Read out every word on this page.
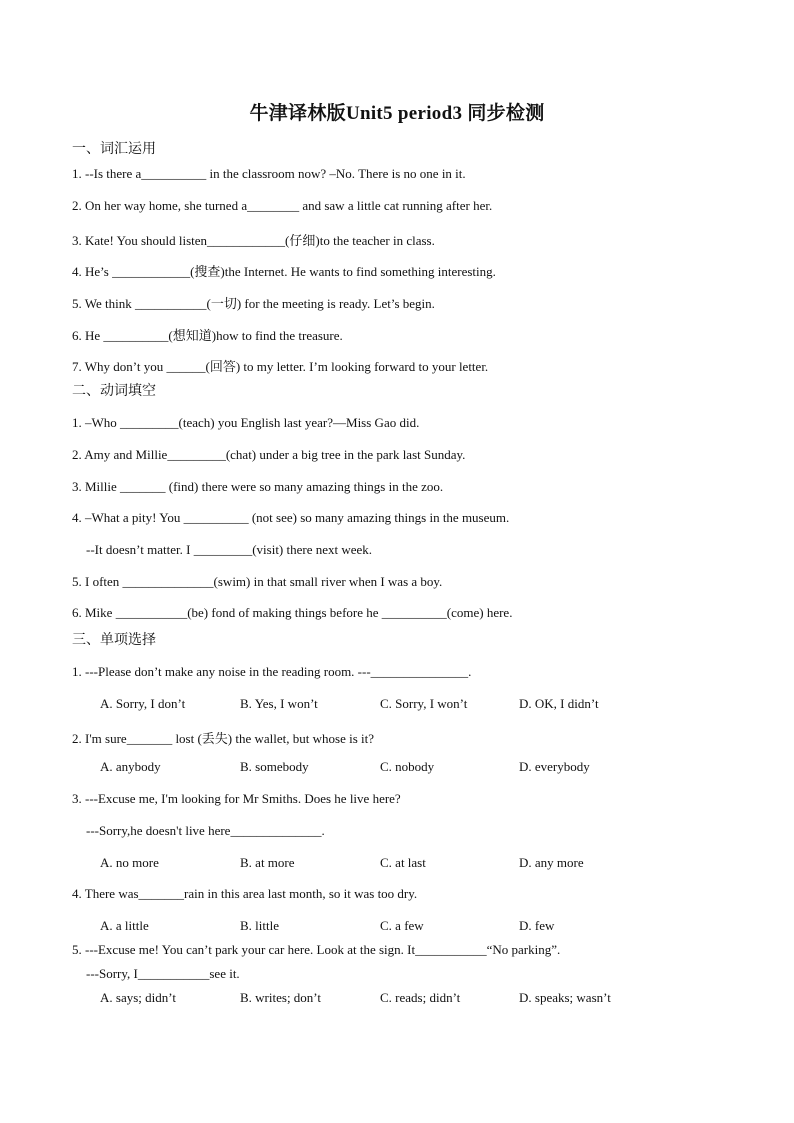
牛津译林版Unit5 period3 同步检测
一、词汇运用
1. --Is there a__________ in the classroom now? –No. There is no one in it.
2. On her way home, she turned a________ and saw a little cat running after her.
3. Kate! You should listen____________(仔细)to the teacher in class.
4. He’s ____________(搜查)the Internet. He wants to find something interesting.
5. We think ___________(一切) for the meeting is ready. Let’s begin.
6. He __________(想知道)how to find the treasure.
7. Why don’t you ______(回答) to my letter. I’m looking forward to your letter.
二、动词填空
1. –Who _________(teach) you English last year?—Miss Gao did.
2. Amy and Millie_________(chat) under a big tree in the park last Sunday.
3. Millie _______ (find) there were so many amazing things in the zoo.
4. –What a pity! You __________ (not see) so many amazing things in the museum.
--It doesn’t matter. I _________(visit) there next week.
5. I often ______________(swim) in that small river when I was a boy.
6. Mike ___________(be) fond of making things before he __________(come) here.
三、单项选择
1. ---Please don’t make any noise in the reading room. ---_______________.
A. Sorry, I don’t	B. Yes, I won’t	C. Sorry, I won’t	D. OK, I didn’t
2. I'm sure_______ lost (丢失) the wallet, but whose is it?
A. anybody	B. somebody	C. nobody	D. everybody
3. ---Excuse me, I'm looking for Mr Smiths. Does he live here?
---Sorry,he doesn't live here______________.
A. no more	B. at more	C. at last	D. any more
4. There was_______rain in this area last month, so it was too dry.
A. a little	B. little	C. a few	D. few
5. ---Excuse me! You can’t park your car here. Look at the sign. It___________“No parking”.
---Sorry, I___________see it.
A. says; didn’t	B. writes; don’t	C. reads; didn’t	D. speaks; wasn’t
